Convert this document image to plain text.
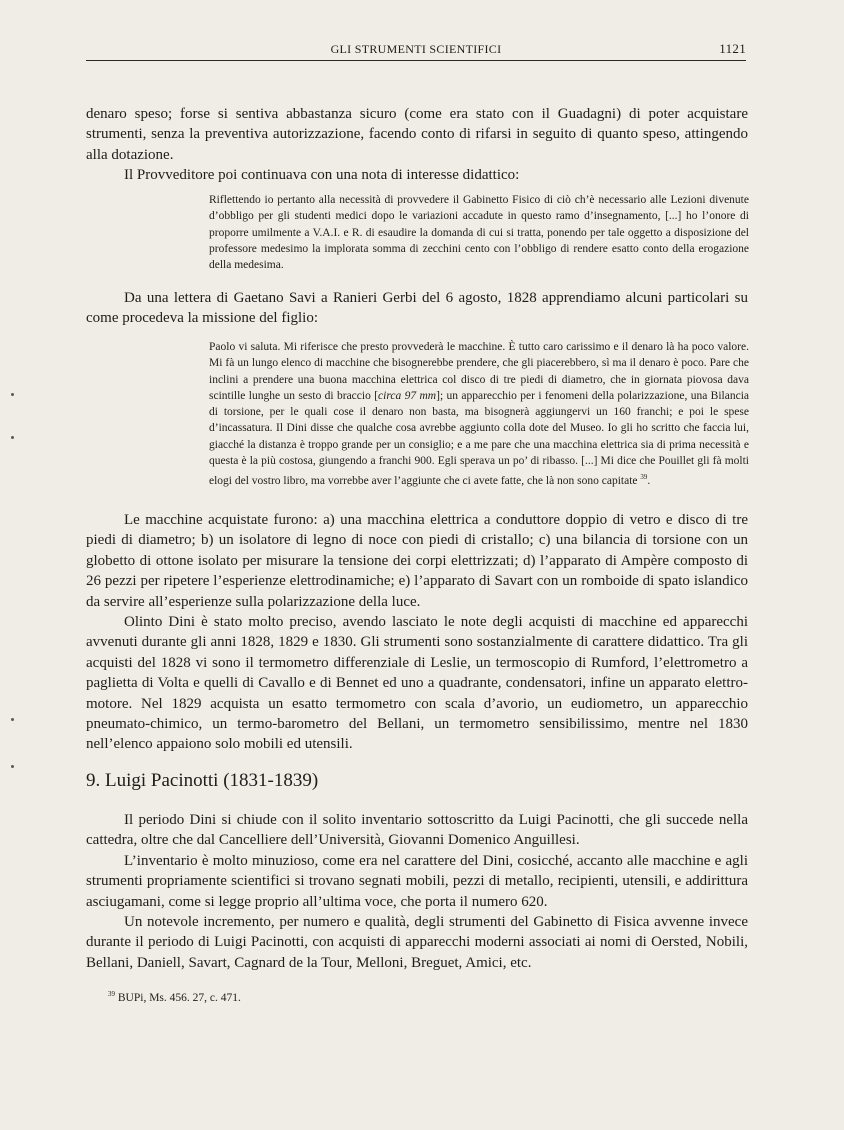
GLI STRUMENTI SCIENTIFICI	1121

denaro speso; forse si sentiva abbastanza sicuro (come era stato con il Guadagni) di poter acquistare strumenti, senza la preventiva autorizzazione, facendo conto di rifarsi in seguito di quanto speso, attingendo alla dotazione.

Il Provveditore poi continuava con una nota di interesse didattico:

Riflettendo io pertanto alla necessità di provvedere il Gabinetto Fisico di ciò ch’è necessario alle Lezioni divenute d’obbligo per gli studenti medici dopo le variazioni accadute in questo ramo d’insegnamento, [...] ho l’onore di proporre umilmente a V.A.I. e R. di esaudire la domanda di cui si tratta, ponendo per tale oggetto a disposizione del professore medesimo la implorata somma di zecchini cento con l’obbligo di rendere esatto conto della erogazione della medesima.

Da una lettera di Gaetano Savi a Ranieri Gerbi del 6 agosto, 1828 apprendiamo alcuni particolari su come procedeva la missione del figlio:

Paolo vi saluta. Mi riferisce che presto provvederà le macchine. È tutto caro carissimo e il denaro là ha poco valore. Mi fà un lungo elenco di macchine che bisognerebbe prendere, che gli piacerebbero, sì ma il denaro è poco. Pare che inclini a prendere una buona macchina elettrica col disco di tre piedi di diametro, che in giornata piovosa dava scintille lunghe un sesto di braccio [circa 97 mm]; un apparecchio per i fenomeni della polarizzazione, una Bilancia di torsione, per le quali cose il denaro non basta, ma bisognerà aggiungervi un 160 franchi; e poi le spese d’incassatura. Il Dini disse che qualche cosa avrebbe aggiunto colla dote del Museo. Io gli ho scritto che faccia lui, giacché la distanza è troppo grande per un consiglio; e a me pare che una macchina elettrica sia di prima necessità e questa è la più costosa, giungendo a franchi 900. Egli sperava un po’ di ribasso. [...] Mi dice che Pouillet gli fà molti elogi del vostro libro, ma vorrebbe aver l’aggiunte che ci avete fatte, che là non sono capitate $^{39}$.

Le macchine acquistate furono: a) una macchina elettrica a conduttore doppio di vetro e disco di tre piedi di diametro; b) un isolatore di legno di noce con piedi di cristallo; c) una bilancia di torsione con un globetto di ottone isolato per misurare la tensione dei corpi elettrizzati; d) l’apparato di Ampère composto di 26 pezzi per ripetere l’esperienze elettrodinamiche; e) l’apparato di Savart con un romboide di spato islandico da servire all’esperienze sulla polarizzazione della luce.

Olinto Dini è stato molto preciso, avendo lasciato le note degli acquisti di macchine ed apparecchi avvenuti durante gli anni 1828, 1829 e 1830. Gli strumenti sono sostanzialmente di carattere didattico. Tra gli acquisti del 1828 vi sono il termometro differenziale di Leslie, un termoscopio di Rumford, l’elettrometro a paglietta di Volta e quelli di Cavallo e di Bennet ed uno a quadrante, condensatori, infine un apparato elettro-motore. Nel 1829 acquista un esatto termometro con scala d’avorio, un eudiometro, un apparecchio pneumato-chimico, un termo-barometro del Bellani, un termometro sensibilissimo, mentre nel 1830 nell’elenco appaiono solo mobili ed utensili.

9. Luigi Pacinotti (1831-1839)

Il periodo Dini si chiude con il solito inventario sottoscritto da Luigi Pacinotti, che gli succede nella cattedra, oltre che dal Cancelliere dell’Università, Giovanni Domenico Anguillesi.

L’inventario è molto minuzioso, come era nel carattere del Dini, cosicché, accanto alle macchine e agli strumenti propriamente scientifici si trovano segnati mobili, pezzi di metallo, recipienti, utensili, e addirittura asciugamani, come si legge proprio all’ultima voce, che porta il numero 620.

Un notevole incremento, per numero e qualità, degli strumenti del Gabinetto di Fisica avvenne invece durante il periodo di Luigi Pacinotti, con acquisti di apparecchi moderni associati ai nomi di Oersted, Nobili, Bellani, Daniell, Savart, Cagnard de la Tour, Melloni, Breguet, Amici, etc.

$^{39}$ BUPi, Ms. 456. 27, c. 471.
